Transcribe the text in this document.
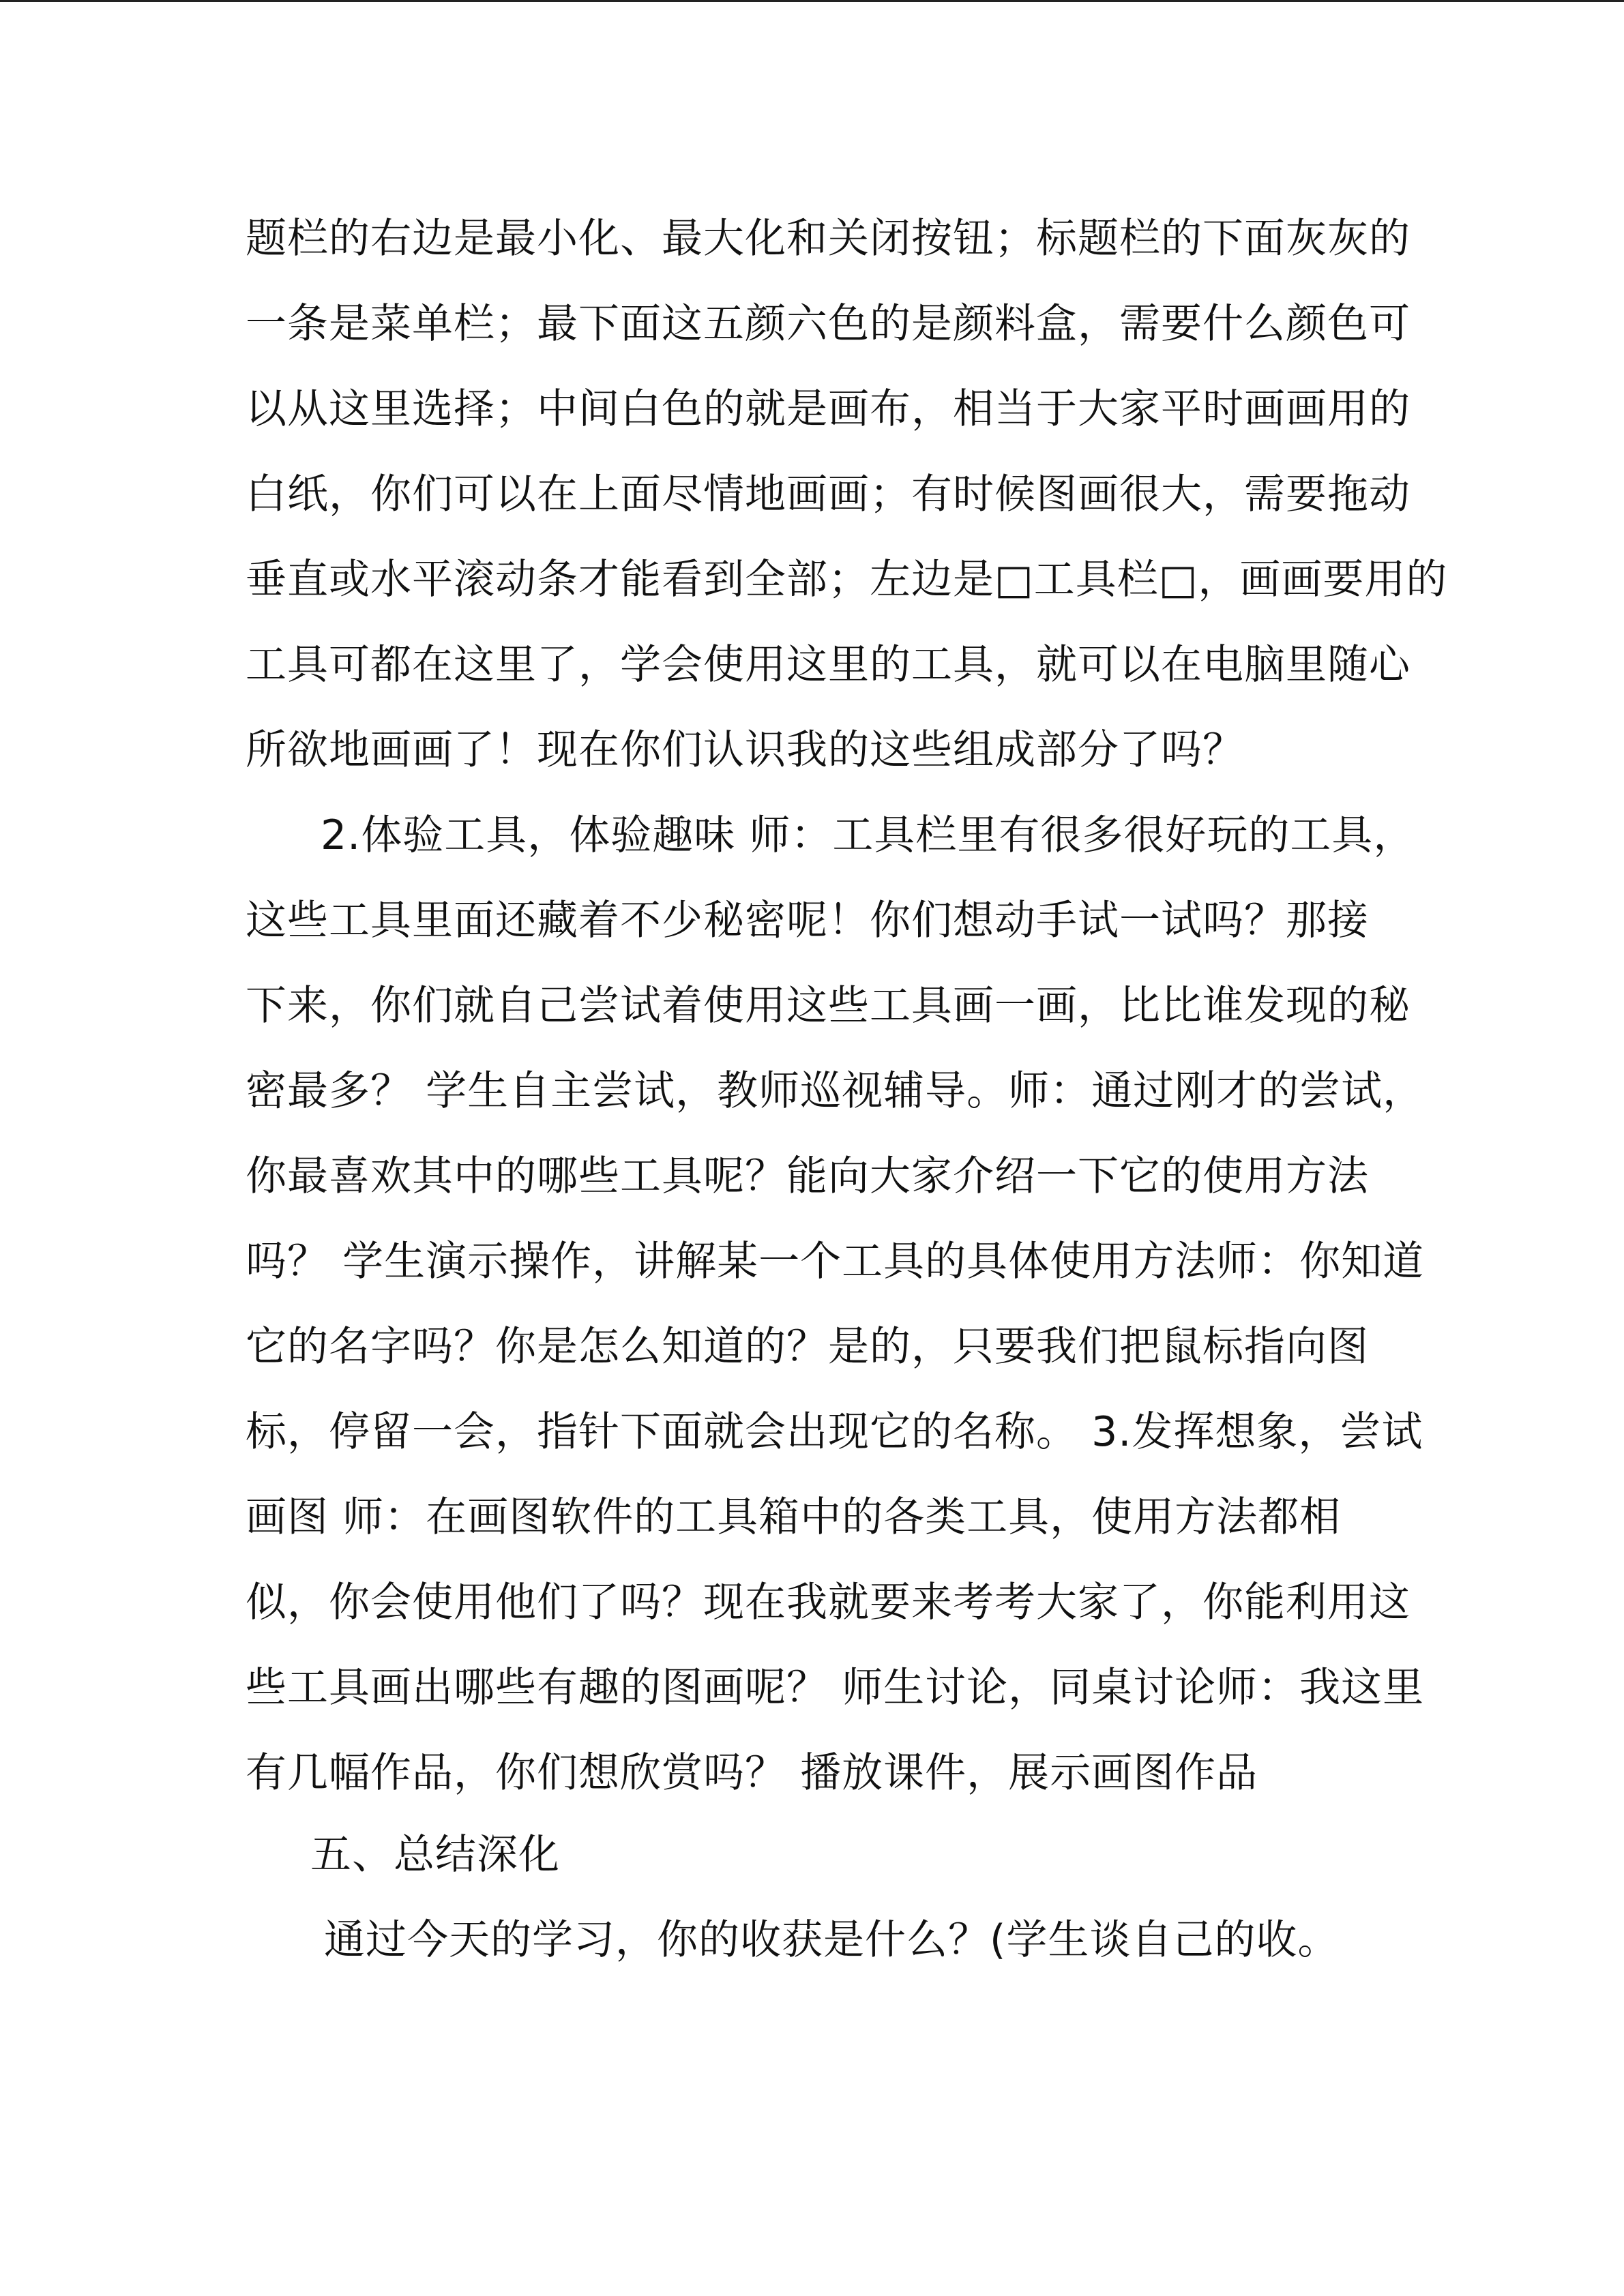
题栏的右边是最小化、最大化和关闭按钮；标题栏的下面灰灰的
一条是菜单栏；最下面这五颜六色的是颜料盒，需要什么颜色可
以从这里选择；中间白色的就是画布，相当于大家平时画画用的
白纸，你们可以在上面尽情地画画；有时候图画很大，需要拖动
垂直或水平滚动条才能看到全部；左边是□工具栏□，画画要用的
工具可都在这里了，学会使用这里的工具，就可以在电脑里随心
所欲地画画了！现在你们认识我的这些组成部分了吗？
2.体验工具，体验趣味 师：工具栏里有很多很好玩的工具，
这些工具里面还藏着不少秘密呢！你们想动手试一试吗？那接
下来，你们就自己尝试着使用这些工具画一画，比比谁发现的秘
密最多？ 学生自主尝试，教师巡视辅导。师：通过刚才的尝试，
你最喜欢其中的哪些工具呢？能向大家介绍一下它的使用方法
吗？ 学生演示操作，讲解某一个工具的具体使用方法师：你知道
它的名字吗？你是怎么知道的？是的，只要我们把鼠标指向图
标，停留一会，指针下面就会出现它的名称。 3.发挥想象，尝试
画图 师：在画图软件的工具箱中的各类工具，使用方法都相
似，你会使用他们了吗？现在我就要来考考大家了，你能利用这
些工具画出哪些有趣的图画呢？ 师生讨论，同桌讨论师：我这里
有几幅作品，你们想欣赏吗？ 播放课件，展示画图作品
五、总结深化
通过今天的学习，你的收获是什么？(学生谈自己的收。
